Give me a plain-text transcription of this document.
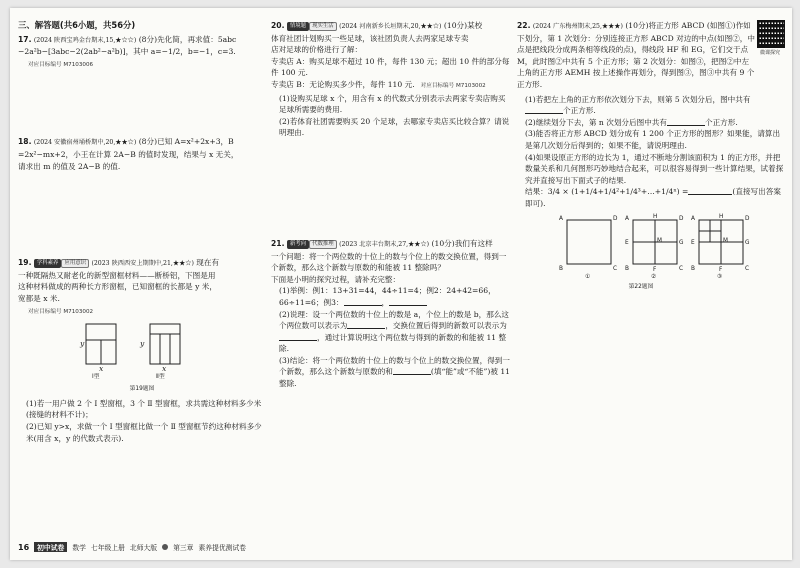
三、解答题(共6小题，共56分)
17. (2024 陕西宝鸡金台期末,15,★☆☆) (8分)先化简，再求值：5abc
−2a²b−[3abc−2(2ab²−a²b)]，其中 a=−1/2，b=−1，c=3.
对应目标编号 M7103006
18. (2024 安徽宿州埇桥期中,20,★★☆) (8分)已知 A=x²+2x+3，B
=2x²−mx+2，小王在计算 2A−B 的值时发现，结果与 x 无关，
请求出 m 的值及 2A−B 的值.
19. 学科素养 应用意识 (2023 陕西西安上期期中,21,★★☆) 现在有
一种既隔热又耐老化的新型窗框材料——断桥铝，下图是用
这种材料做成的两种长方形窗框，已知窗框的长都是 y 米，
宽都是 x 米.
对应目标编号 M7103002
y	y
x	x
Ⅰ型	Ⅱ型
第19题图
(1)若一用户做 2 个 Ⅰ 型窗框，3 个 Ⅱ 型窗框，求共需这种材料多少米(接缝的材料不计)；
(2)已知 y>x，求做一个 Ⅰ 型窗框比做一个 Ⅱ 型窗框节约这种材料多少米(用含 x，y 的代数式表示).
20. 情境题 现实生活 (2024 河南新乡长垣期末,20,★★☆) (10分)某校
体育社团计划购买一些足球，该社团负责人去两家足球专卖
店对足球的价格进行了解：
专卖店 A：购买足球不超过 10 件，每件 130 元；超出 10 件的部分每件 100 元.
专卖店 B：无论购买多少件，每件 110 元. 对应目标编号 M7103002
(1)设购买足球 x 个，用含有 x 的代数式分别表示去两家专卖店购买足球所需要的费用.
(2)若体育社团需要购买 20 个足球，去哪家专卖店买比较合算？请说明理由.
21. 新考向 代数推理 (2023 北京丰台期末,27,★★☆) (10分)我们有这样
一个问题：将一个两位数的十位上的数与个位上的数交换位置，得到一个新数，那么这个新数与原数的和能被 11 整除吗？
下面是小明的探究过程，请补充完整：
(1)举例：例1：13+31=44，44÷11=4；例2：24+42=66，66÷11=6；例3：	，
(2)说理：设一个两位数的十位上的数是 a，个位上的数是 b，那么这个两位数可以表示为	，交换位置后得到的新数可以表示为，通过计算说明这个两位数与得到的新数的和能被 11 整除.
(3)结论：将一个两位数的十位上的数与个位上的数交换位置，得到一个新数，那么这个新数与原数的和	(填“能”或“不能”)被 11 整除.
微课探究
22. (2024 广东梅州期末,25,★★★) (10分)将正方形 ABCD (如图①)作如下划分，第 1 次划分：分别连接正方形 ABCD 对边的中点(如图②，中点是把线段分成两条相等线段的点)，得线段 HF 和 EG，它们交于点 M，此时图②中共有 5 个正方形；第 2 次划分：如图③，把图②中左上角的正方形 AEMH 按上述操作再划分，得到图③，图③中共有 9 个正方形.
(1)若把左上角的正方形依次划分下去，则第 5 次划分后，图中共有个正方形.
(2)继续划分下去，第 n 次划分后图中共有	个正方形.
(3)能否将正方形 ABCD 划分成有 1 200 个正方形的图形？如果能，请算出是第几次划分后得到的；如果不能，请说明理由.
(4)如果设原正方形的边长为 1，通过不断地分割该面积为 1 的正方形，并把数量关系和几何图形巧妙地结合起来，可以很容易得到一些计算结果，试着探究并直接写出下面式子的结果.
结果：3/4 × (1+1/4+1/4²+1/4³+…+1/4ⁿ) =	(直接写出答案即可).
A	D
B	C
A	H	D
E	M	G
B	F	C
A	H	D
E	M	G
B	F	C
①	②	③
第22题图
16	初中试卷	数学 七年级上册 北师大版 第三章 素养提优测试卷
